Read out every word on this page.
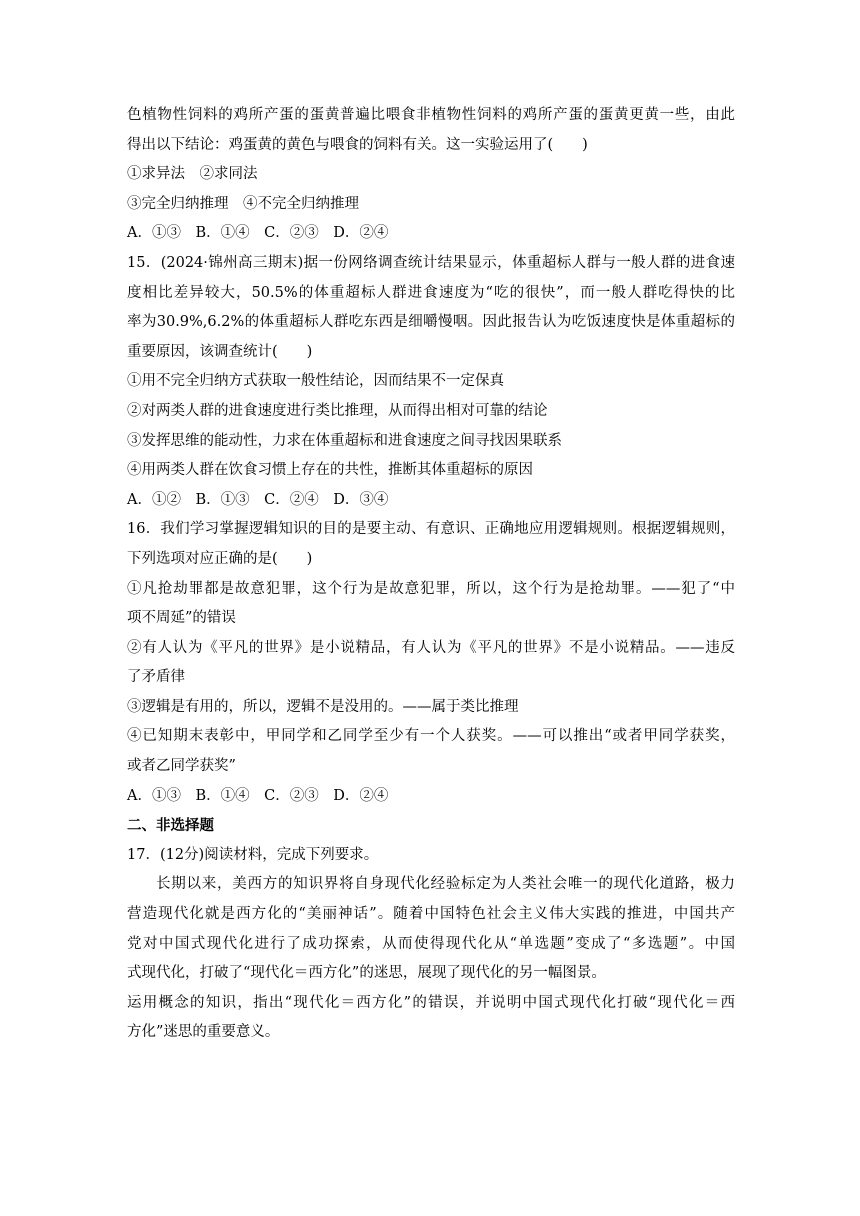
色植物性饲料的鸡所产蛋的蛋黄普遍比喂食非植物性饲料的鸡所产蛋的蛋黄更黄一些，由此
得出以下结论：鸡蛋黄的黄色与喂食的饲料有关。这一实验运用了(　　)
①求异法　②求同法
③完全归纳推理　④不完全归纳推理
A．①③　B．①④　C．②③　D．②④
15．(2024·锦州高三期末)据一份网络调查统计结果显示，体重超标人群与一般人群的进食速
度相比差异较大，50.5%的体重超标人群进食速度为“吃的很快”，而一般人群吃得快的比
率为30.9%,6.2%的体重超标人群吃东西是细嚼慢咽。因此报告认为吃饭速度快是体重超标的
重要原因，该调查统计(　　)
①用不完全归纳方式获取一般性结论，因而结果不一定保真
②对两类人群的进食速度进行类比推理，从而得出相对可靠的结论
③发挥思维的能动性，力求在体重超标和进食速度之间寻找因果联系
④用两类人群在饮食习惯上存在的共性，推断其体重超标的原因
A．①②　B．①③　C．②④　D．③④
16．我们学习掌握逻辑知识的目的是要主动、有意识、正确地应用逻辑规则。根据逻辑规则，
下列选项对应正确的是(　　)
①凡抢劫罪都是故意犯罪，这个行为是故意犯罪，所以，这个行为是抢劫罪。——犯了“中
项不周延”的错误
②有人认为《平凡的世界》是小说精品，有人认为《平凡的世界》不是小说精品。——违反
了矛盾律
③逻辑是有用的，所以，逻辑不是没用的。——属于类比推理
④已知期末表彰中，甲同学和乙同学至少有一个人获奖。——可以推出“或者甲同学获奖，
或者乙同学获奖”
A．①③　B．①④　C．②③　D．②④
二、非选择题
17．(12分)阅读材料，完成下列要求。
长期以来，美西方的知识界将自身现代化经验标定为人类社会唯一的现代化道路，极力
营造现代化就是西方化的“美丽神话”。随着中国特色社会主义伟大实践的推进，中国共产
党对中国式现代化进行了成功探索，从而使得现代化从“单选题”变成了“多选题”。中国
式现代化，打破了“现代化＝西方化”的迷思，展现了现代化的另一幅图景。
运用概念的知识，指出“现代化＝西方化”的错误，并说明中国式现代化打破“现代化＝西
方化”迷思的重要意义。
